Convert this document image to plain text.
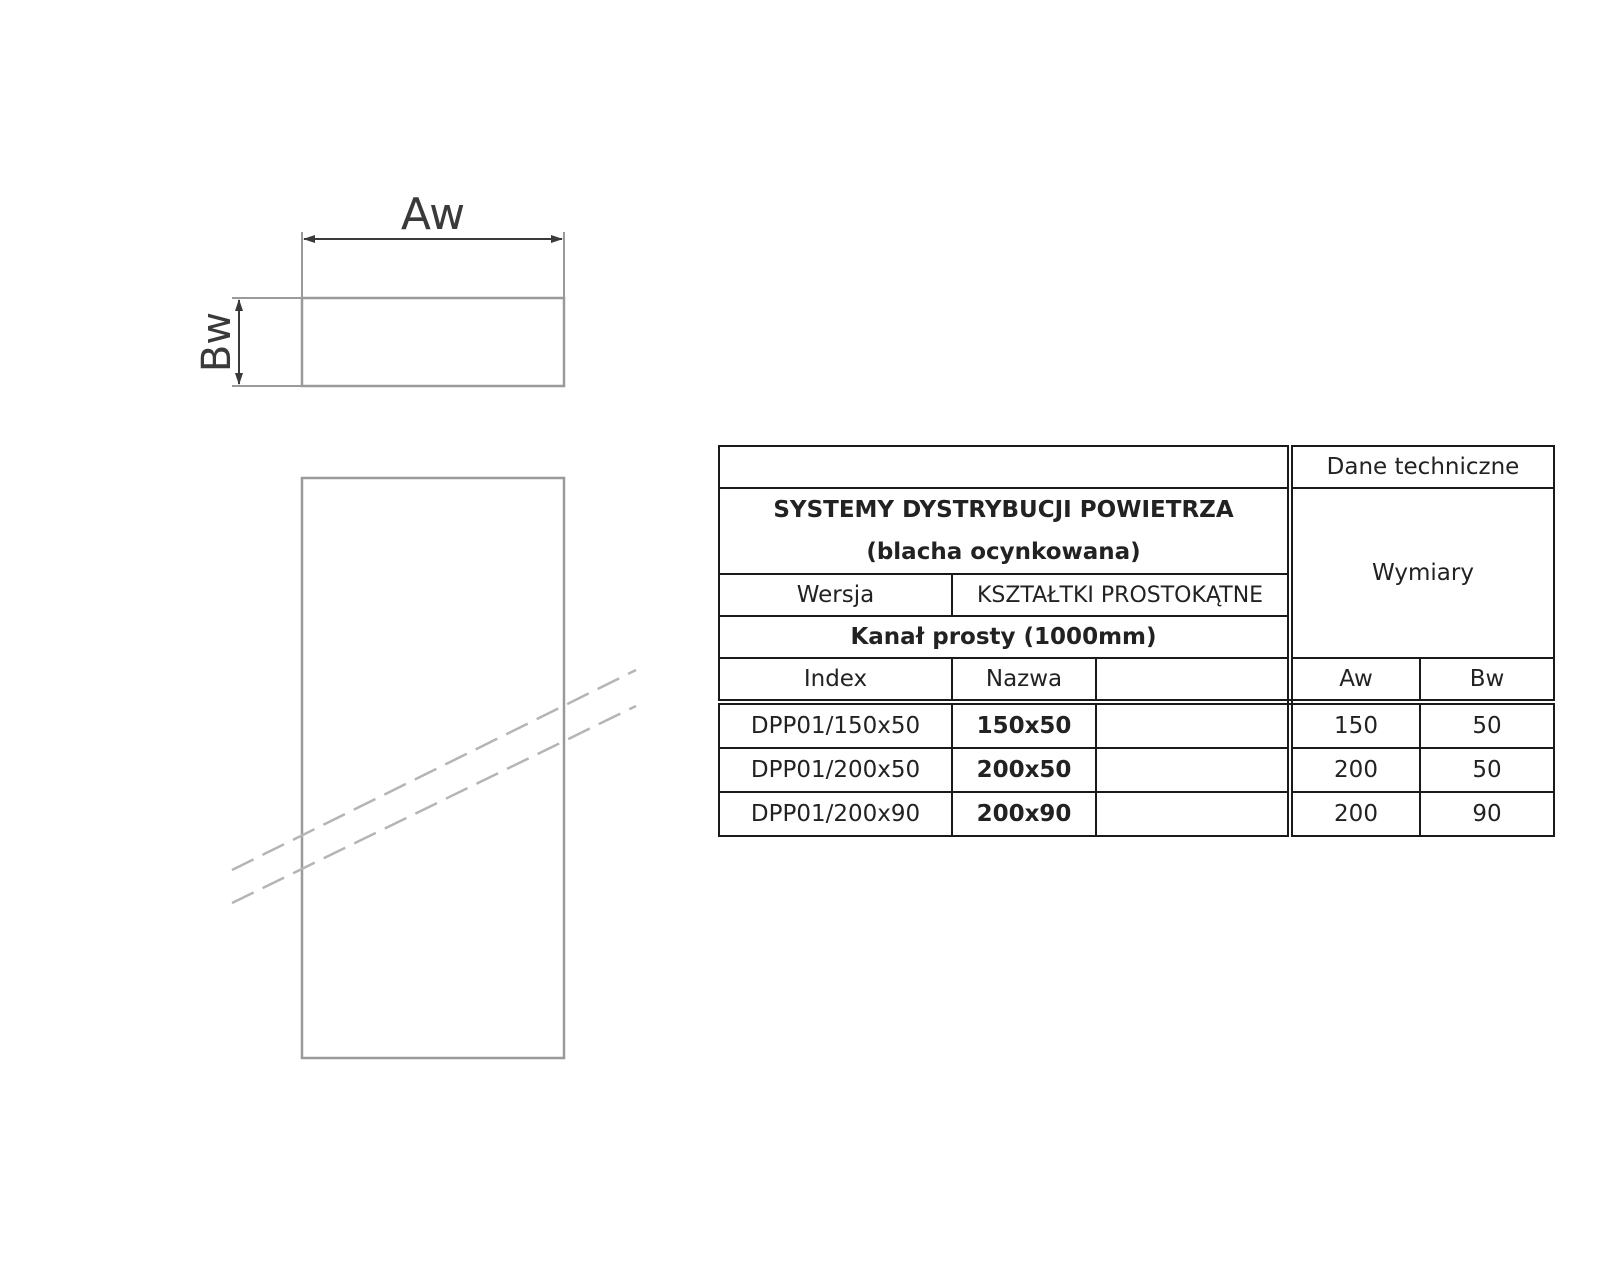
Aw
Bw
			Dane techniczne	

SYSTEMY DYSTRYBUCJI POWIETRZA
(blacha ocynkowana)			Wymiary	
Wersja	KSZTAŁTKI PROSTOKĄTNE			
Kanał prosty (1000mm)				
Index	Nazwa		Aw	Bw
DPP01/150x50	150x50		150	50
DPP01/200x50	200x50		200	50
DPP01/200x90	200x90		200	90
